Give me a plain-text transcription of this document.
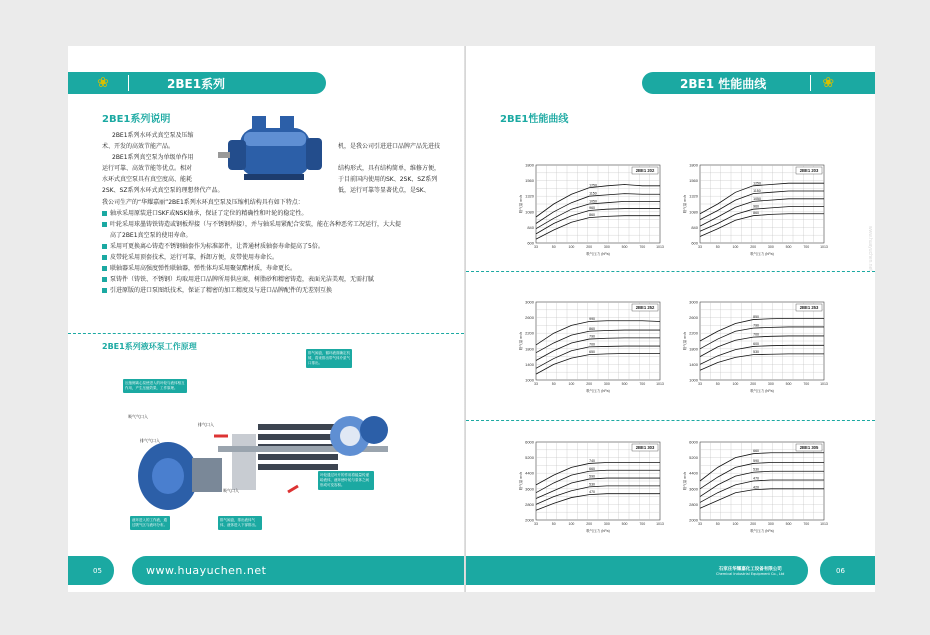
❀	2BE1系列
2BE1系列说明
2BE1系列水环式真空泵及压缩
术、开发的高效节能产品。
2BE1系列真空泵为单级单作用
运行可靠、高效节能等优点。相对
水环式真空泵具有真空度高、能耗
2SK、SZ系列水环式真空泵的理想替代产品。
机，是我公司引进进口品牌产品先进技
结构形式，具有结构简单，维修方便，
于目前国内使用的SK、2SK、SZ系列
低，运行可靠等显著优点，是SK、
我公司生产的“华耀嘉丽”2BE1系列水环真空泵及压缩机结构具有如下特点：
轴承采用原装进口SKF或NSK轴承，保证了定位的精确性和叶轮的稳定性。
叶轮采用球墨铸铁铸造或钢板焊接（与不锈钢焊接），并与轴采用紧配合安装，能在各种恶劣工况运行，大大提
高了2BE1真空泵的使用寿命。
采用可更换离心铸造不锈钢轴套作为标准部件，让普通材质轴套寿命提高了5倍。
皮带轮采用顶套技术，运行可靠，拆卸方便，皮带使用寿命长。
联轴器采用高强度弹性联轴器，弹性体均采用聚氨酯材质，寿命更长。
泵铸件（铸铁、不锈钢）均取用进口品牌所用供应商，树脂砂和精密铸造，表面光洁美观，无需打腻
引进原版的进口泵图纸技术，保证了精密的加工精度及与进口品牌配件的无差别互换
2BE1系列液环泵工作原理
压缩侧离心泵使进入的叶轮与液体相互作用，产生压缩效果，工作原理。
排气阀盘，循环液面确定机械，将来排出带气体介质气口排出。
叶轮通过叶片的作用将能量传递给液体，液环使叶轮与泵体之间形成可变容积。
液环进入的工作液，通过吸气区与液环分布。
排气阀盘，排出液体气体，液体进入下部排出。
吸气气口入
排气口入
吸气口入
排气气口入
05	www.huayuchen.net
2BE1 性能曲线	❀
2BE1性能曲线
600
840
1080
1320
1560
1800
33	50	100	200	300	500	700	1013
吸气压力 (hPa)
吸气量 m³/h
2BE1 202
1250
1150
1050
960
860
600
840
1080
1320
1560
1800
33	50	100	200	300	500	700	1013
吸气压力 (hPa)
吸气量 m³/h
2BE1 203
1250
1150
1050
960
860
1000
1400
1800
2200
2600
3000
33	50	100	200	300	500	700	1013
吸气压力 (hPa)
吸气量 m³/h
2BE1 252
990
860
790
700
650
1000
1400
1800
2200
2600
3000
33	50	100	200	300	500	700	1013
吸气压力 (hPa)
吸气量 m³/h
2BE1 253
850
790
700
600
530
2000
2800
3600
4400
5200
6000
33	50	100	200	300	500	700	1013
吸气压力 (hPa)
吸气量 m³/h
2BE1 303
740
660
590
530
470
2000
2800
3600
4400
5200
6000
33	50	100	200	300	500	700	1013
吸气压力 (hPa)
吸气量 m³/h
2BE1 305
660
590
530
470
420
www.huayuchen.net
石家庄华耀嘉化工设备有限公司
Chemical Industrial Equipment Co., Ltd	06
